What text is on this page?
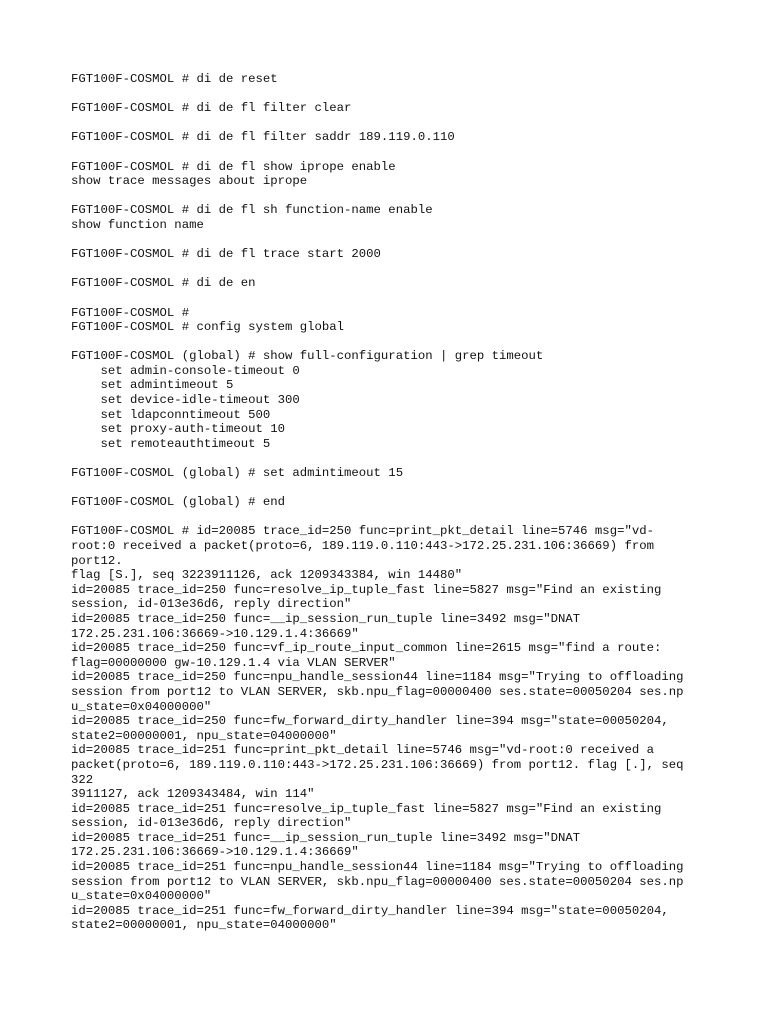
FGT100F-COSMOL # di de reset
FGT100F-COSMOL # di de fl filter clear
FGT100F-COSMOL # di de fl filter saddr 189.119.0.110
FGT100F-COSMOL # di de fl show iprope enable
show trace messages about iprope
FGT100F-COSMOL # di de fl sh function-name enable
show function name
FGT100F-COSMOL # di de fl trace start 2000
FGT100F-COSMOL # di de en
FGT100F-COSMOL #
FGT100F-COSMOL # config system global
FGT100F-COSMOL (global) # show full-configuration | grep timeout
set admin-console-timeout 0
set admintimeout 5
set device-idle-timeout 300
set ldapconntimeout 500
set proxy-auth-timeout 10
set remoteauthtimeout 5
FGT100F-COSMOL (global) # set admintimeout 15
FGT100F-COSMOL (global) # end
FGT100F-COSMOL # id=20085 trace_id=250 func=print_pkt_detail line=5746 msg="vd-
root:0 received a packet(proto=6, 189.119.0.110:443->172.25.231.106:36669) from
port12.
flag [S.], seq 3223911126, ack 1209343384, win 14480"
id=20085 trace_id=250 func=resolve_ip_tuple_fast line=5827 msg="Find an existing
session, id-013e36d6, reply direction"
id=20085 trace_id=250 func=__ip_session_run_tuple line=3492 msg="DNAT
172.25.231.106:36669->10.129.1.4:36669"
id=20085 trace_id=250 func=vf_ip_route_input_common line=2615 msg="find a route:
flag=00000000 gw-10.129.1.4 via VLAN SERVER"
id=20085 trace_id=250 func=npu_handle_session44 line=1184 msg="Trying to offloading
session from port12 to VLAN SERVER, skb.npu_flag=00000400 ses.state=00050204 ses.np
u_state=0x04000000"
id=20085 trace_id=250 func=fw_forward_dirty_handler line=394 msg="state=00050204,
state2=00000001, npu_state=04000000"
id=20085 trace_id=251 func=print_pkt_detail line=5746 msg="vd-root:0 received a
packet(proto=6, 189.119.0.110:443->172.25.231.106:36669) from port12. flag [.], seq
322
3911127, ack 1209343484, win 114"
id=20085 trace_id=251 func=resolve_ip_tuple_fast line=5827 msg="Find an existing
session, id-013e36d6, reply direction"
id=20085 trace_id=251 func=__ip_session_run_tuple line=3492 msg="DNAT
172.25.231.106:36669->10.129.1.4:36669"
id=20085 trace_id=251 func=npu_handle_session44 line=1184 msg="Trying to offloading
session from port12 to VLAN SERVER, skb.npu_flag=00000400 ses.state=00050204 ses.np
u_state=0x04000000"
id=20085 trace_id=251 func=fw_forward_dirty_handler line=394 msg="state=00050204,
state2=00000001, npu_state=04000000"
